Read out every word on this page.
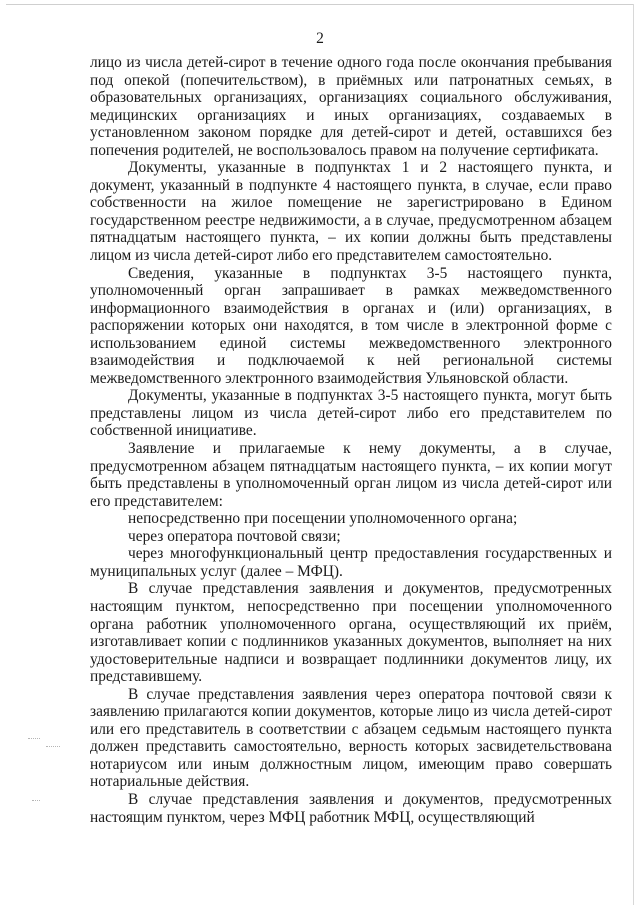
2

лицо из числа детей-сирот в течение одного года после окончания пребывания под опекой (попечительством), в приёмных или патронатных семьях, в образовательных организациях, организациях социального обслуживания, медицинских организациях и иных организациях, создаваемых в установленном законом порядке для детей-сирот и детей, оставшихся без попечения родителей, не воспользовалось правом на получение сертификата.

Документы, указанные в подпунктах 1 и 2 настоящего пункта, и документ, указанный в подпункте 4 настоящего пункта, в случае, если право собственности на жилое помещение не зарегистрировано в Едином государственном реестре недвижимости, а в случае, предусмотренном абзацем пятнадцатым настоящего пункта, – их копии должны быть представлены лицом из числа детей-сирот либо его представителем самостоятельно.

Сведения, указанные в подпунктах 3-5 настоящего пункта, уполномоченный орган запрашивает в рамках межведомственного информационного взаимодействия в органах и (или) организациях, в распоряжении которых они находятся, в том числе в электронной форме с использованием единой системы межведомственного электронного взаимодействия и подключаемой к ней региональной системы межведомственного электронного взаимодействия Ульяновской области.

Документы, указанные в подпунктах 3-5 настоящего пункта, могут быть представлены лицом из числа детей-сирот либо его представителем по собственной инициативе.

Заявление и прилагаемые к нему документы, а в случае, предусмотренном абзацем пятнадцатым настоящего пункта, – их копии могут быть представлены в уполномоченный орган лицом из числа детей-сирот или его представителем:

непосредственно при посещении уполномоченного органа;

через оператора почтовой связи;

через многофункциональный центр предоставления государственных и муниципальных услуг (далее – МФЦ).

В случае представления заявления и документов, предусмотренных настоящим пунктом, непосредственно при посещении уполномоченного органа работник уполномоченного органа, осуществляющий их приём, изготавливает копии с подлинников указанных документов, выполняет на них удостоверительные надписи и возвращает подлинники документов лицу, их представившему.

В случае представления заявления через оператора почтовой связи к заявлению прилагаются копии документов, которые лицо из числа детей-сирот или его представитель в соответствии с абзацем седьмым настоящего пункта должен представить самостоятельно, верность которых засвидетельствована нотариусом или иным должностным лицом, имеющим право совершать нотариальные действия.

В случае представления заявления и документов, предусмотренных настоящим пунктом, через МФЦ работник МФЦ, осуществляющий
